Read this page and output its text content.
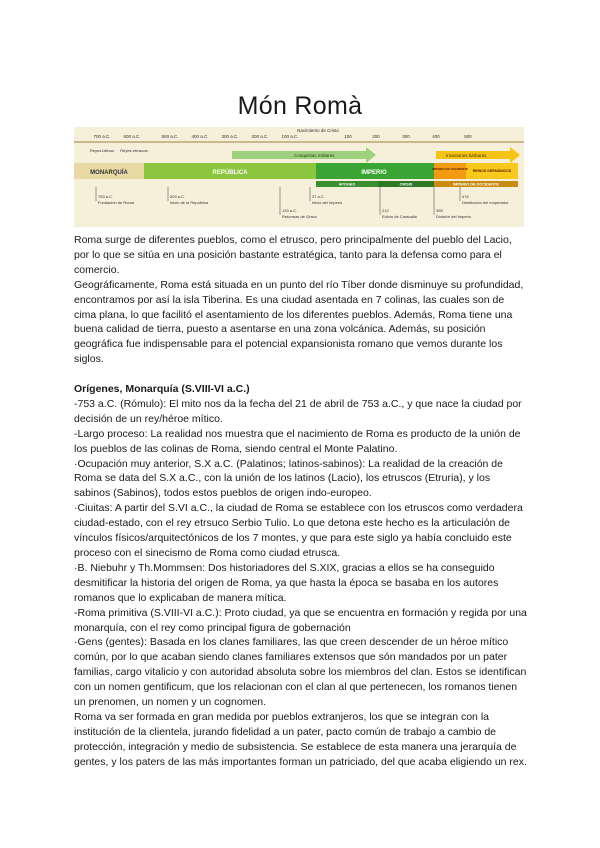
Món Romà
700 a.C.	600 a.C.	500 a.C.	400 a.C.	300 a.C.	200 a.C.	100 a.C.
Nacimiento de Cristo
100	200	300	400	500
Reyes latinos Reyes etruscos
Conquistas militares	Invasiones bárbaras
MONARQUÍA	REPÚBLICA	IMPERIO
IMPERIO DE OCCIDENTE REINOS GERMÁNICOS
APOGEO	CRISIS	IMPERIO DE OCCIDENTE
753 a.C.
Fundación de Roma
509 a.C.
Inicio de la República
133 a.C.
Reformas de Graco
27 a.C.
Inicio del Imperio
212
Edicto de Caracalla
395
División del Imperio
476
Destitución del emperador

Roma surge de diferentes pueblos, como el etrusco, pero principalmente del pueblo del Lacio, por lo que se sitúa en una posición bastante estratégica, tanto para la defensa como para el comercio.

Geográficamente, Roma está situada en un punto del río Tíber donde disminuye su profundidad, encontramos por así la isla Tiberina. Es una ciudad asentada en 7 colinas, las cuales son de cima plana, lo que facilitó el asentamiento de los diferentes pueblos. Además, Roma tiene una buena calidad de tierra, puesto a asentarse en una zona volcánica. Además, su posición geográfica fue indispensable para el potencial expansionista romano que vemos durante los siglos.

Orígenes, Monarquía (S.VIII-VI a.C.)

-753 a.C. (Rómulo): El mito nos da la fecha del 21 de abril de 753 a.C., y que nace la ciudad por decisión de un rey/héroe mítico.

-Largo proceso: La realidad nos muestra que el nacimiento de Roma es producto de la unión de los pueblos de las colinas de Roma, siendo central el Monte Palatino.

·Ocupación muy anterior, S.X a.C. (Palatinos; latinos-sabinos): La realidad de la creación de Roma se data del S.X a.C., con la unión de los latinos (Lacio), los etruscos (Etruria), y los sabinos (Sabinos), todos estos pueblos de origen indo-europeo.

·Ciuitas: A partir del S.VI a.C., la ciudad de Roma se establece con los etruscos como verdadera ciudad-estado, con el rey etrsuco Serbio Tulio. Lo que detona este hecho es la articulación de vínculos físicos/arquitectónicos de los 7 montes, y que para este siglo ya había concluido este proceso con el sinecismo de Roma como ciudad etrusca.

·B. Niebuhr y Th.Mommsen: Dos historiadores del S.XIX, gracias a ellos se ha conseguido desmitificar la historia del origen de Roma, ya que hasta la época se basaba en los autores romanos que lo explicaban de manera mítica.

-Roma primitiva (S.VIII-VI a.C.): Proto ciudad, ya que se encuentra en formación y regida por una monarquía, con el rey como principal figura de gobernación

·Gens (gentes): Basada en los clanes familiares, las que creen descender de un héroe mítico común, por lo que acaban siendo clanes familiares extensos que són mandados por un pater familias, cargo vitalicio y con autoridad absoluta sobre los miembros del clan. Estos se identifican con un nomen gentificum, que los relacionan con el clan al que pertenecen, los romanos tienen un prenomen, un nomen y un cognomen.

Roma va ser formada en gran medida por pueblos extranjeros, los que se integran con la institución de la clientela, jurando fidelidad a un pater, pacto común de trabajo a cambio de protección, integración y medio de subsistencia. Se establece de esta manera una jerarquía de gentes, y los paters de las más importantes forman un patriciado, del que acaba eligiendo un rex.
